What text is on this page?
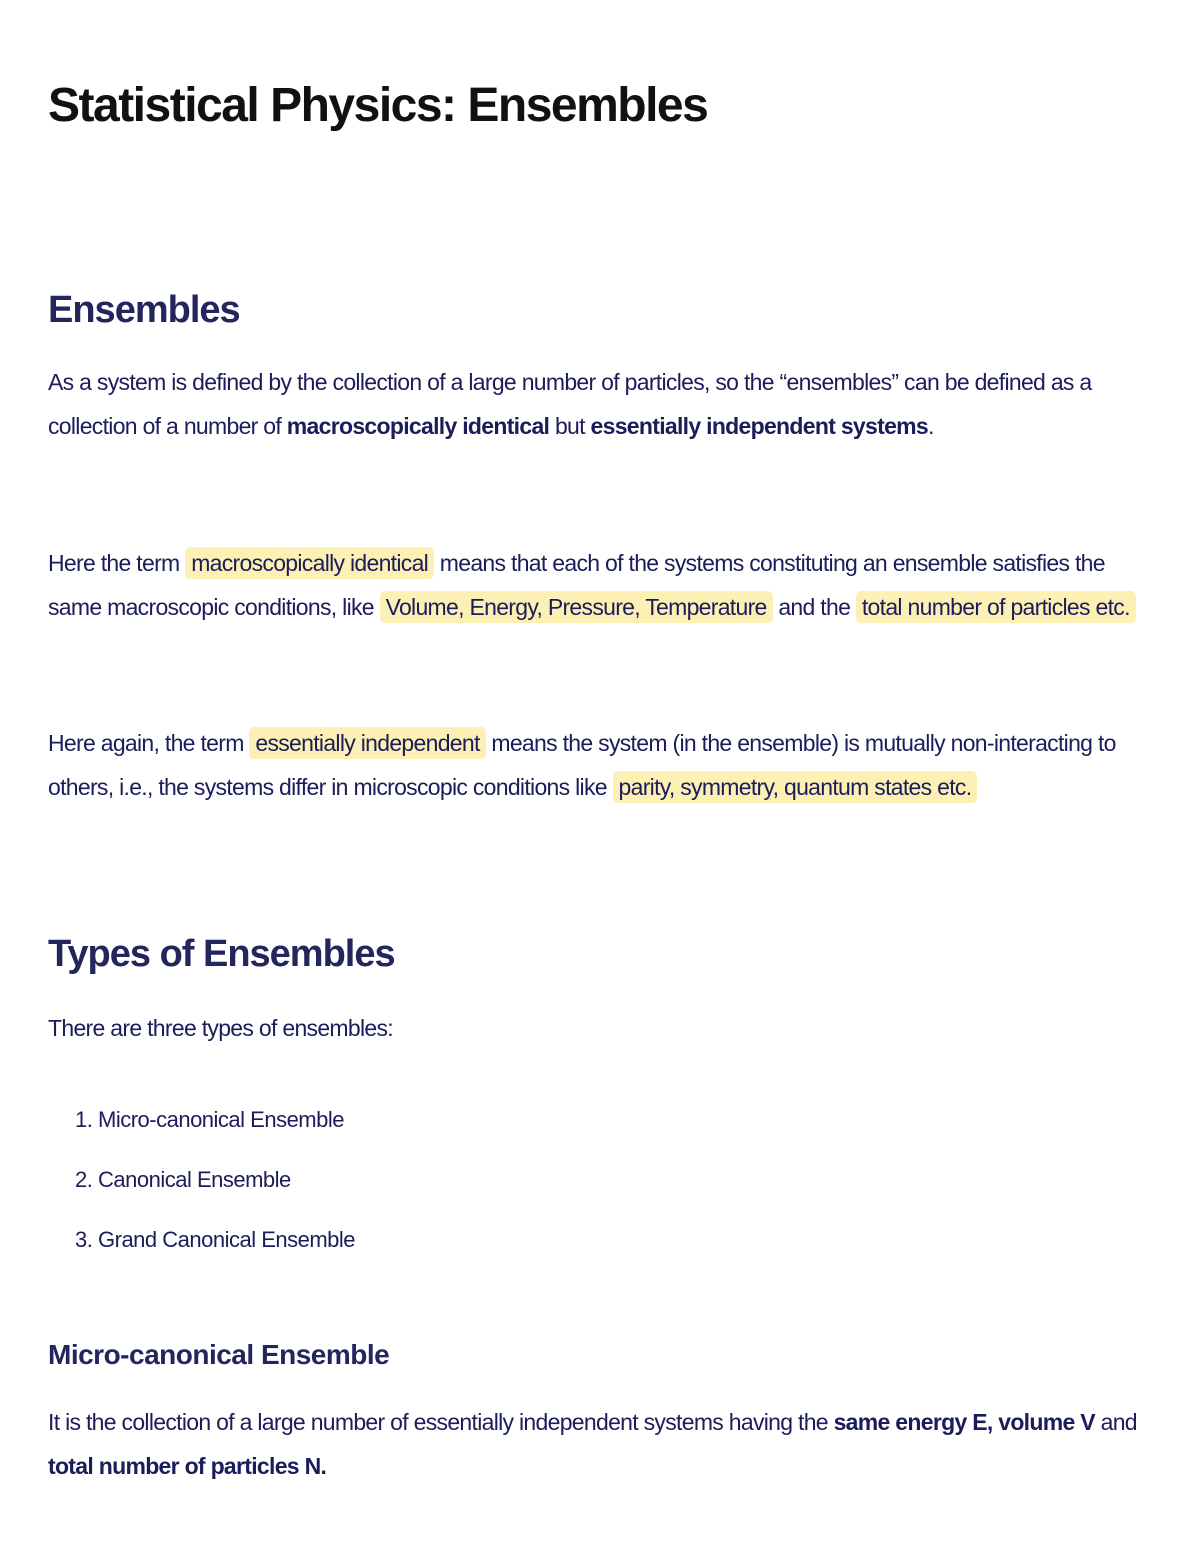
Statistical Physics: Ensembles
Ensembles

As a system is defined by the collection of a large number of particles, so the “ensembles” can be defined as a collection of a number of macroscopically identical but essentially independent systems.

Here the term macroscopically identical means that each of the systems constituting an ensemble satisfies the same macroscopic conditions, like Volume, Energy, Pressure, Temperature and the total number of particles etc.

Here again, the term essentially independent means the system (in the ensemble) is mutually non-interacting to others, i.e., the systems differ in microscopic conditions like parity, symmetry, quantum states etc.

Types of Ensembles

There are three types of ensembles:

1. Micro-canonical Ensemble
2. Canonical Ensemble
3. Grand Canonical Ensemble
Micro-canonical Ensemble

It is the collection of a large number of essentially independent systems having the same energy E, volume V and total number of particles N.
